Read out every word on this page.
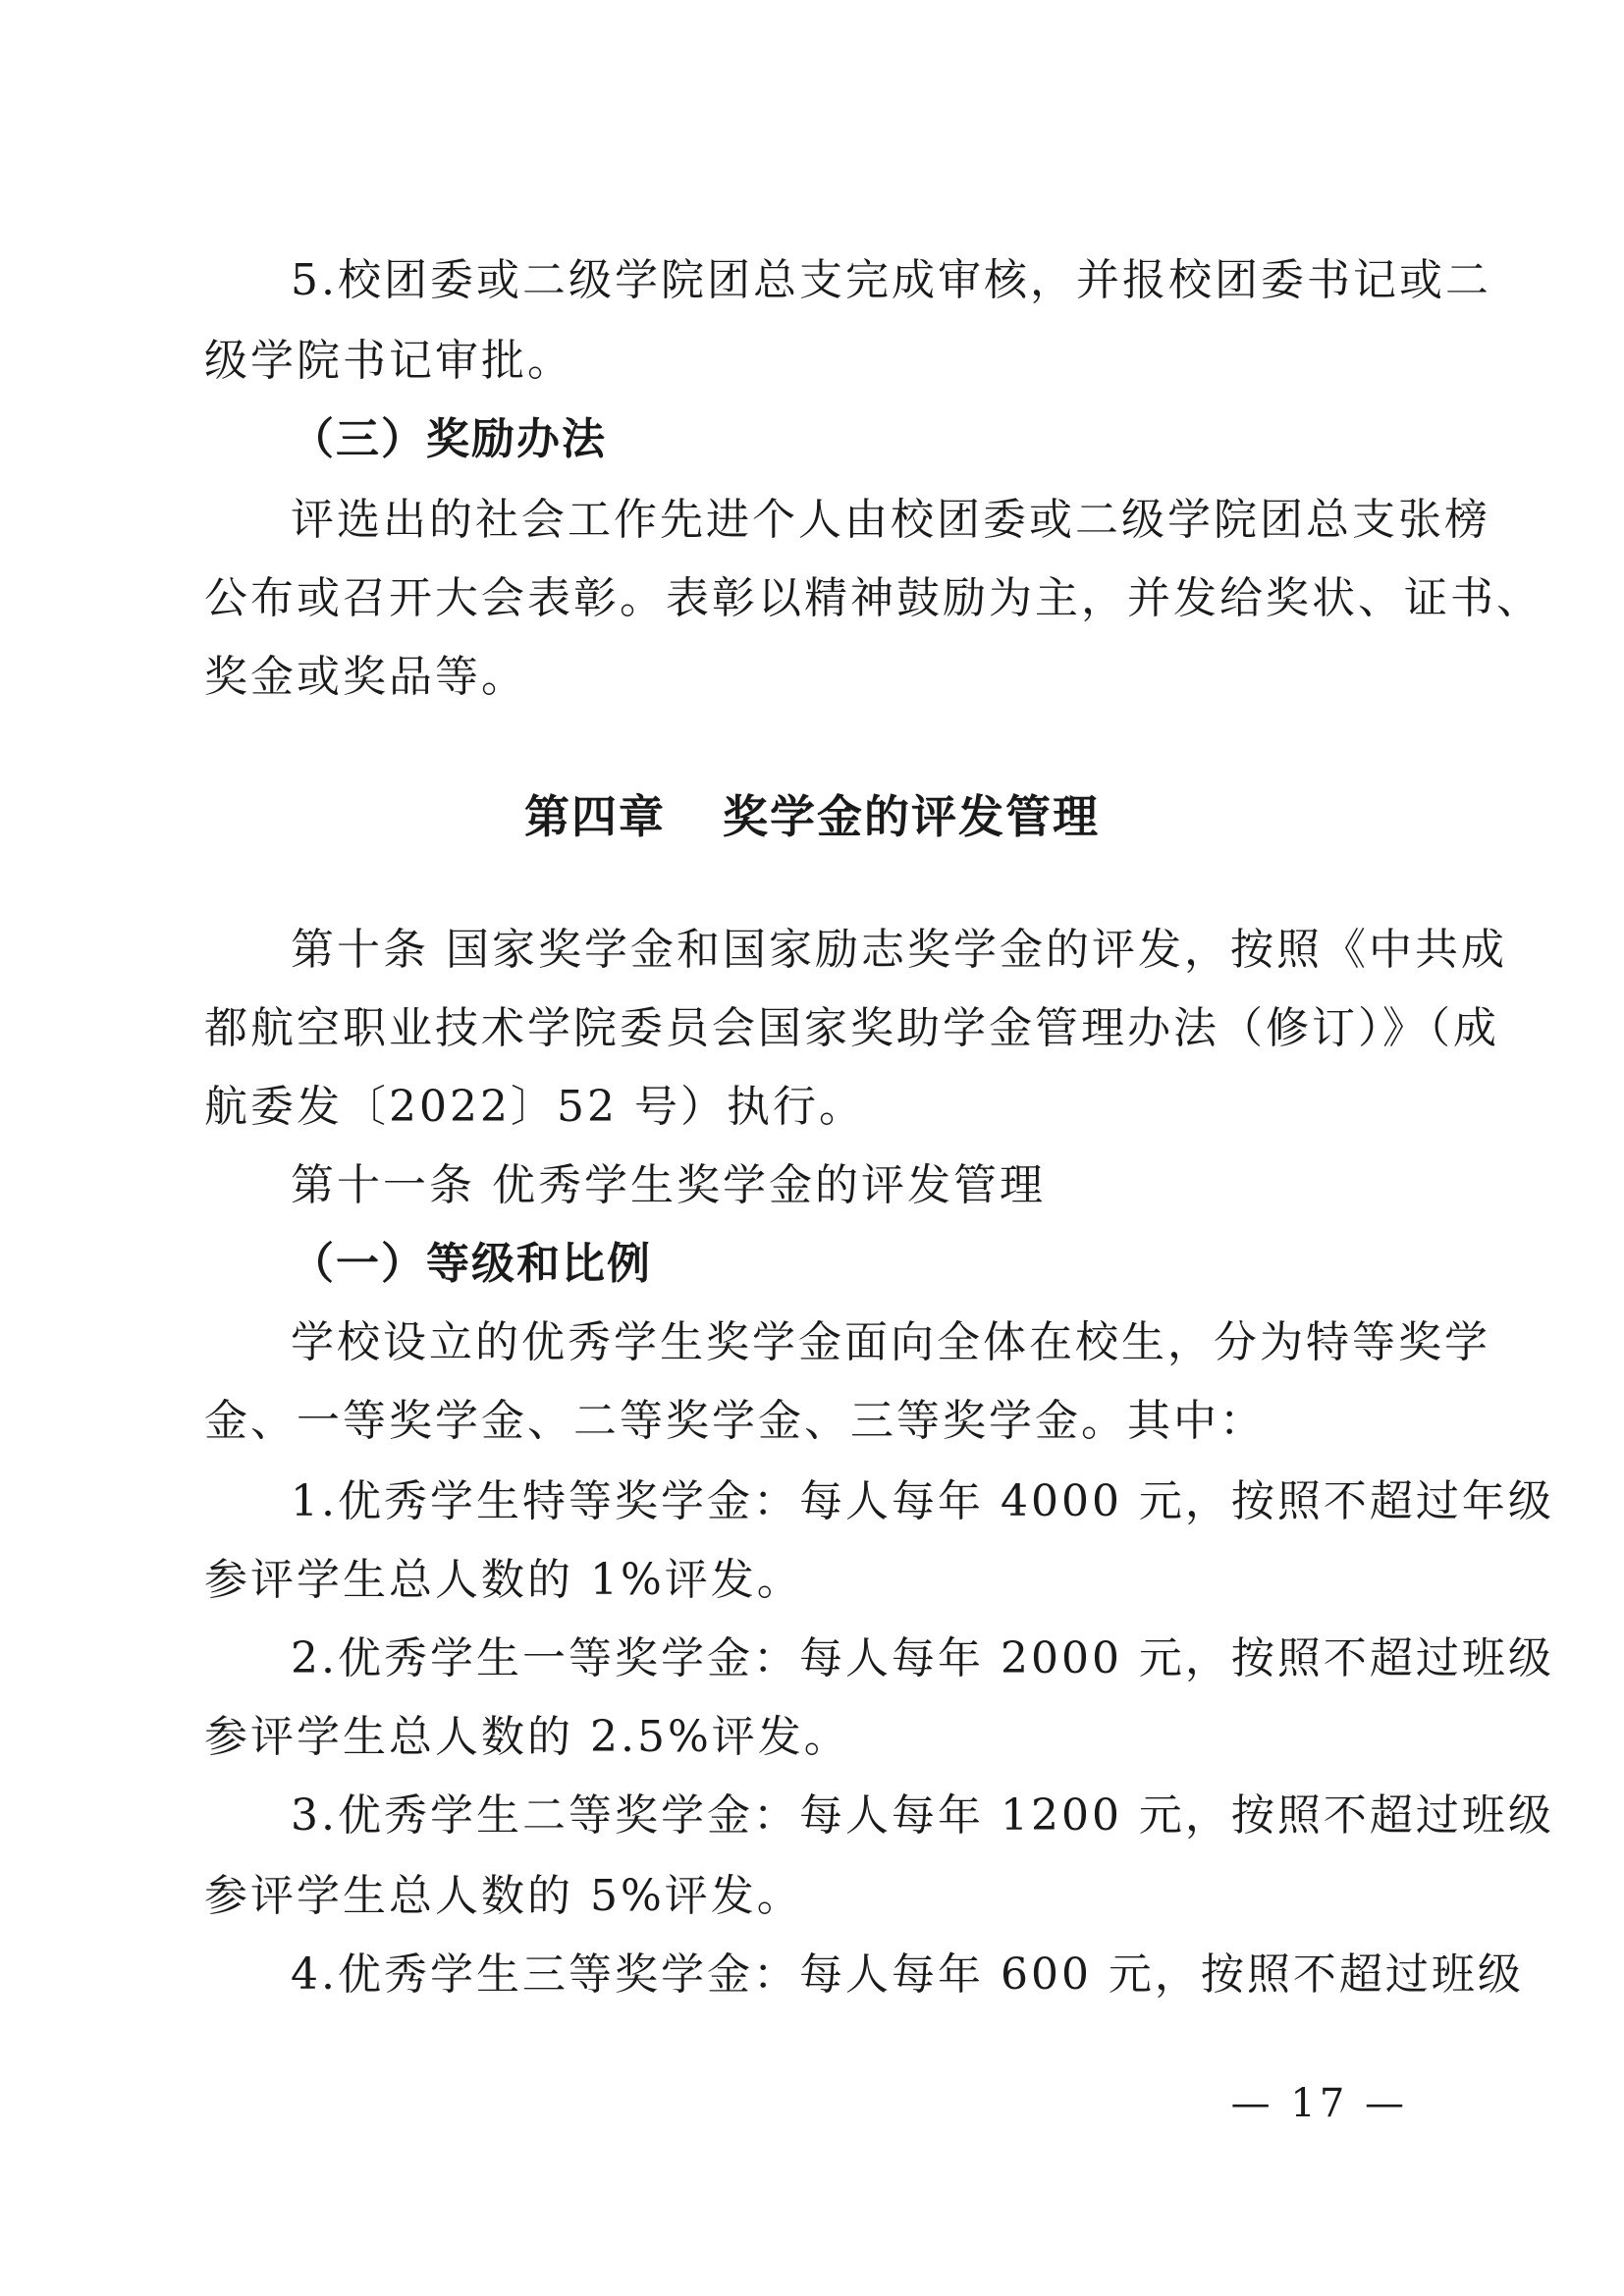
5.校团委或二级学院团总支完成审核，并报校团委书记或二
级学院书记审批。
（三）奖励办法
评选出的社会工作先进个人由校团委或二级学院团总支张榜
公布或召开大会表彰。表彰以精神鼓励为主，并发给奖状、证书、
奖金或奖品等。
第四章 奖学金的评发管理
第十条 国家奖学金和国家励志奖学金的评发，按照《中共成
都航空职业技术学院委员会国家奖助学金管理办法（修订）》（成
航委发〔2022〕52 号）执行。
第十一条 优秀学生奖学金的评发管理
（一）等级和比例
学校设立的优秀学生奖学金面向全体在校生，分为特等奖学
金、一等奖学金、二等奖学金、三等奖学金。其中：
1.优秀学生特等奖学金：每人每年 4000 元，按照不超过年级
参评学生总人数的 1%评发。
2.优秀学生一等奖学金：每人每年 2000 元，按照不超过班级
参评学生总人数的 2.5%评发。
3.优秀学生二等奖学金：每人每年 1200 元，按照不超过班级
参评学生总人数的 5%评发。
4.优秀学生三等奖学金：每人每年 600 元，按照不超过班级
— 17 —
